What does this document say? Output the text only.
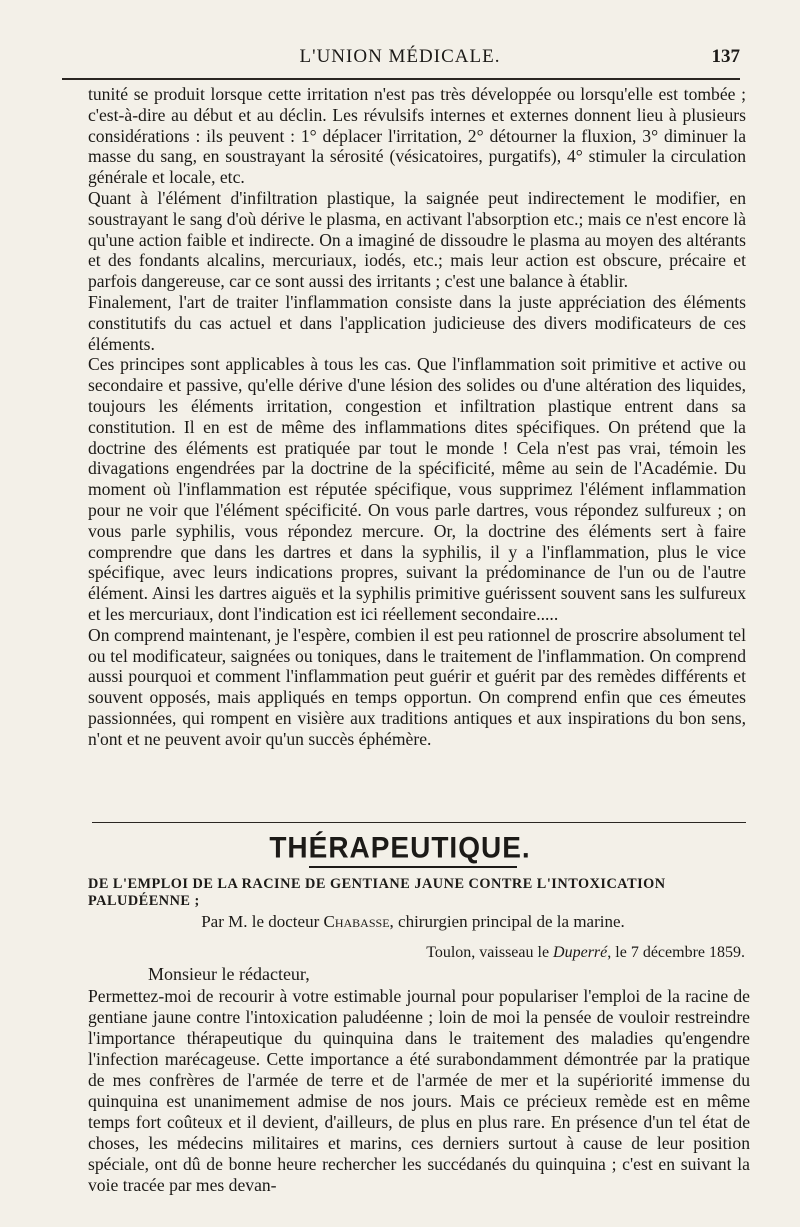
L'UNION MÉDICALE.	137

tunité se produit lorsque cette irritation n'est pas très développée ou lorsqu'elle est tombée ; c'est-à-dire au début et au déclin. Les révulsifs internes et externes donnent lieu à plusieurs considérations : ils peuvent : 1° déplacer l'irritation, 2° détourner la fluxion, 3° diminuer la masse du sang, en soustrayant la sérosité (vésicatoires, purgatifs), 4° stimuler la circulation générale et locale, etc.

Quant à l'élément d'infiltration plastique, la saignée peut indirectement le modifier, en soustrayant le sang d'où dérive le plasma, en activant l'absorption etc.; mais ce n'est encore là qu'une action faible et indirecte. On a imaginé de dissoudre le plasma au moyen des altérants et des fondants alcalins, mercuriaux, iodés, etc.; mais leur action est obscure, précaire et parfois dangereuse, car ce sont aussi des irritants ; c'est une balance à établir.

Finalement, l'art de traiter l'inflammation consiste dans la juste appréciation des éléments constitutifs du cas actuel et dans l'application judicieuse des divers modificateurs de ces éléments.

Ces principes sont applicables à tous les cas. Que l'inflammation soit primitive et active ou secondaire et passive, qu'elle dérive d'une lésion des solides ou d'une altération des liquides, toujours les éléments irritation, congestion et infiltration plastique entrent dans sa constitution. Il en est de même des inflammations dites spécifiques. On prétend que la doctrine des éléments est pratiquée par tout le monde ! Cela n'est pas vrai, témoin les divagations engendrées par la doctrine de la spécificité, même au sein de l'Académie. Du moment où l'inflammation est réputée spécifique, vous supprimez l'élément inflammation pour ne voir que l'élément spécificité. On vous parle dartres, vous répondez sulfureux ; on vous parle syphilis, vous répondez mercure. Or, la doctrine des éléments sert à faire comprendre que dans les dartres et dans la syphilis, il y a l'inflammation, plus le vice spécifique, avec leurs indications propres, suivant la prédominance de l'un ou de l'autre élément. Ainsi les dartres aiguës et la syphilis primitive guérissent souvent sans les sulfureux et les mercuriaux, dont l'indication est ici réellement secondaire.....

On comprend maintenant, je l'espère, combien il est peu rationnel de proscrire absolument tel ou tel modificateur, saignées ou toniques, dans le traitement de l'inflammation. On comprend aussi pourquoi et comment l'inflammation peut guérir et guérit par des remèdes différents et souvent opposés, mais appliqués en temps opportun. On comprend enfin que ces émeutes passionnées, qui rompent en visière aux traditions antiques et aux inspirations du bon sens, n'ont et ne peuvent avoir qu'un succès éphémère.

THÉRAPEUTIQUE.
DE L'EMPLOI DE LA RACINE DE GENTIANE JAUNE CONTRE L'INTOXICATION PALUDÉENNE ;
Par M. le docteur Chabasse, chirurgien principal de la marine.
Toulon, vaisseau le Duperré, le 7 décembre 1859.
Monsieur le rédacteur,

Permettez-moi de recourir à votre estimable journal pour populariser l'emploi de la racine de gentiane jaune contre l'intoxication paludéenne ; loin de moi la pensée de vouloir restreindre l'importance thérapeutique du quinquina dans le traitement des maladies qu'engendre l'infection marécageuse. Cette importance a été surabondamment démontrée par la pratique de mes confrères de l'armée de terre et de l'armée de mer et la supériorité immense du quinquina est unanimement admise de nos jours. Mais ce précieux remède est en même temps fort coûteux et il devient, d'ailleurs, de plus en plus rare. En présence d'un tel état de choses, les médecins militaires et marins, ces derniers surtout à cause de leur position spéciale, ont dû de bonne heure rechercher les succédanés du quinquina ; c'est en suivant la voie tracée par mes devan-
